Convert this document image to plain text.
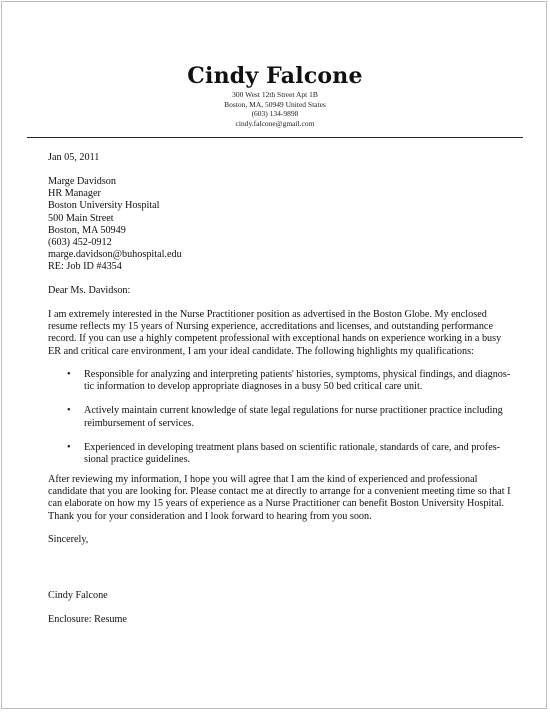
Cindy Falcone
300 West 12th Street Apt 1B
Boston, MA, 50949 United States
(603) 134-9898
cindy.falcone@gmail.com
Jan 05, 2011
Marge Davidson
HR Manager
Boston University Hospital
500 Main Street
Boston, MA 50949
(603) 452-0912
marge.davidson@buhospital.edu
RE: Job ID #4354
Dear Ms. Davidson:
I am extremely interested in the Nurse Practitioner position as advertised in the Boston Globe. My enclosed
resume reflects my 15 years of Nursing experience, accreditations and licenses, and outstanding performance
record. If you can use a highly competent professional with exceptional hands on experience working in a busy
ER and critical care environment, I am your ideal candidate. The following highlights my qualifications:
• Responsible for analyzing and interpreting patients' histories, symptoms, physical findings, and diagnos-
tic information to develop appropriate diagnoses in a busy 50 bed critical care unit.
• Actively maintain current knowledge of state legal regulations for nurse practitioner practice including
reimbursement of services.
• Experienced in developing treatment plans based on scientific rationale, standards of care, and profes-
sional practice guidelines.
After reviewing my information, I hope you will agree that I am the kind of experienced and professional
candidate that you are looking for. Please contact me at directly to arrange for a convenient meeting time so that I
can elaborate on how my 15 years of experience as a Nurse Practitioner can benefit Boston University Hospital.
Thank you for your consideration and I look forward to hearing from you soon.
Sincerely,
Cindy Falcone
Enclosure: Resume
